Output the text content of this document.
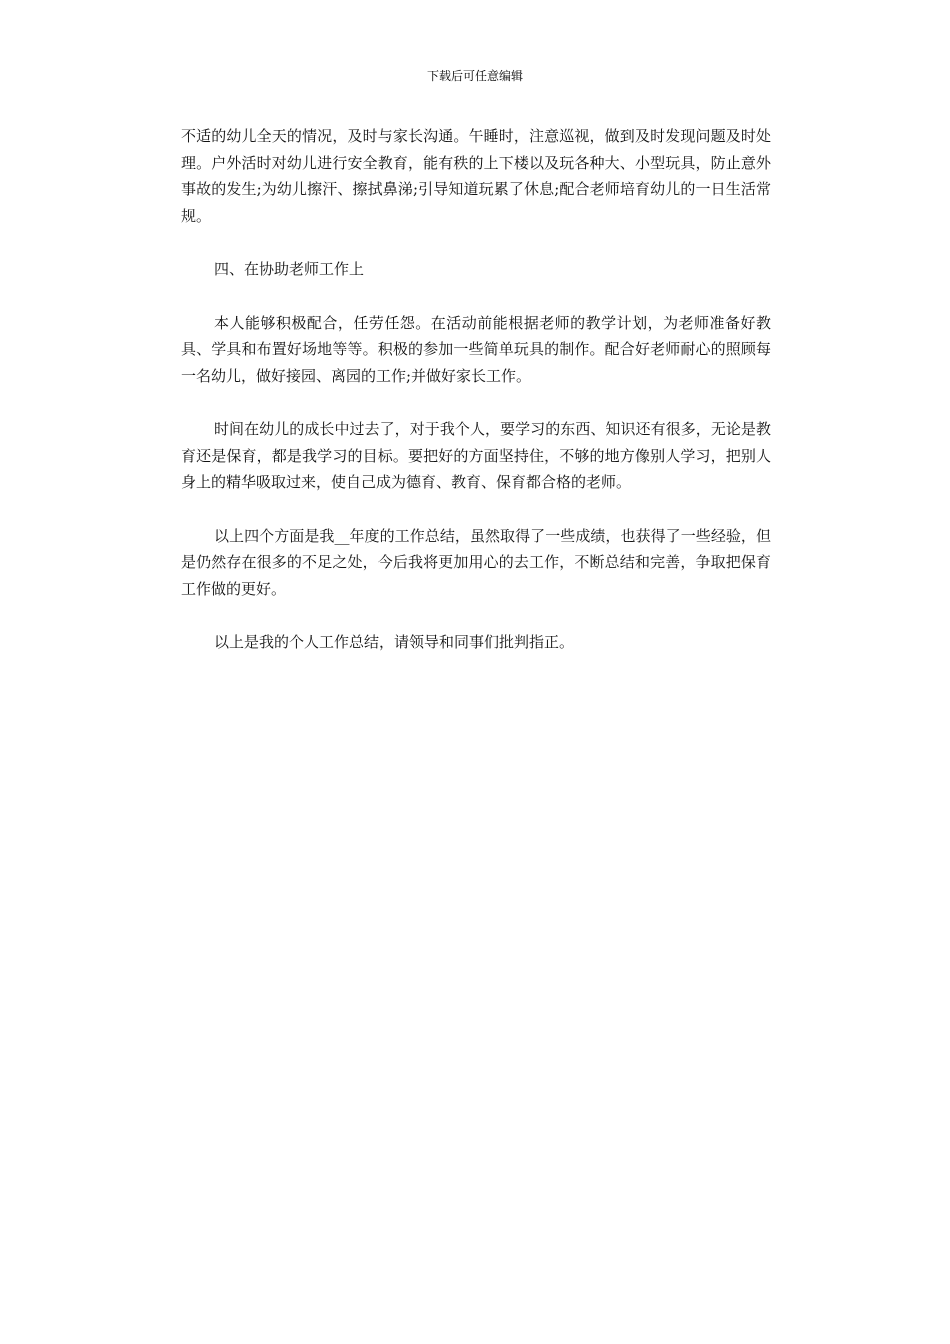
下载后可任意编辑

不适的幼儿全天的情况，及时与家长沟通。午睡时，注意巡视，做到及时发现问题及时处理。户外活时对幼儿进行安全教育，能有秩的上下楼以及玩各种大、小型玩具，防止意外事故的发生;为幼儿擦汗、擦拭鼻涕;引导知道玩累了休息;配合老师培育幼儿的一日生活常规。

四、在协助老师工作上

本人能够积极配合，任劳任怨。在活动前能根据老师的教学计划，为老师准备好教具、学具和布置好场地等等。积极的参加一些简单玩具的制作。配合好老师耐心的照顾每一名幼儿，做好接园、离园的工作;并做好家长工作。

时间在幼儿的成长中过去了，对于我个人，要学习的东西、知识还有很多，无论是教育还是保育，都是我学习的目标。要把好的方面坚持住，不够的地方像别人学习，把别人身上的精华吸取过来，使自己成为德育、教育、保育都合格的老师。

以上四个方面是我__年度的工作总结，虽然取得了一些成绩，也获得了一些经验，但是仍然存在很多的不足之处，今后我将更加用心的去工作，不断总结和完善，争取把保育工作做的更好。

以上是我的个人工作总结，请领导和同事们批判指正。
